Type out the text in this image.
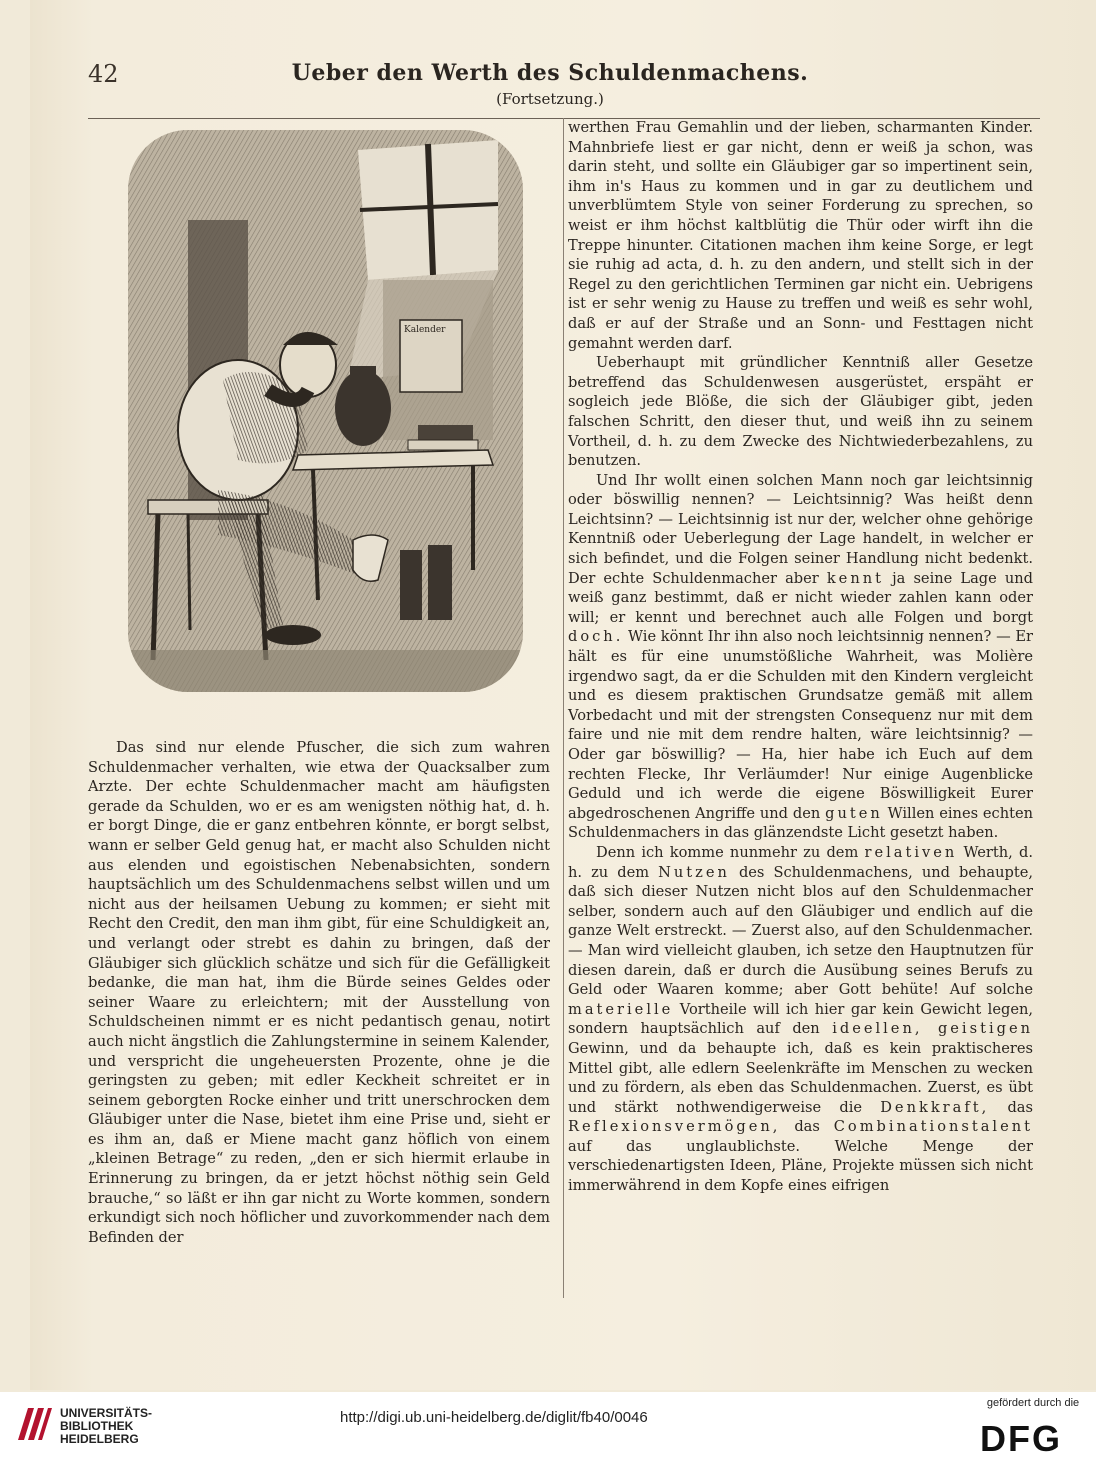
42	Ueber den Werth des Schuldenmachens.
(Fortsetzung.)
Kalender

Das sind nur elende Pfuscher, die sich zum wahren Schuldenmacher verhalten, wie etwa der Quacksalber zum Arzte. Der echte Schuldenmacher macht am häufigsten gerade da Schulden, wo er es am wenigsten nöthig hat, d. h. er borgt Dinge, die er ganz entbehren könnte, er borgt selbst, wann er selber Geld genug hat, er macht also Schulden nicht aus elenden und egoistischen Nebenabsichten, sondern hauptsächlich um des Schuldenmachens selbst willen und um nicht aus der heilsamen Uebung zu kommen; er sieht mit Recht den Credit, den man ihm gibt, für eine Schuldigkeit an, und verlangt oder strebt es dahin zu bringen, daß der Gläubiger sich glücklich schätze und sich für die Gefälligkeit bedanke, die man hat, ihm die Bürde seines Geldes oder seiner Waare zu erleichtern; mit der Ausstellung von Schuldscheinen nimmt er es nicht pedantisch genau, notirt auch nicht ängstlich die Zahlungstermine in seinem Kalender, und verspricht die ungeheuersten Prozente, ohne je die geringsten zu geben; mit edler Keckheit schreitet er in seinem geborgten Rocke einher und tritt unerschrocken dem Gläubiger unter die Nase, bietet ihm eine Prise und, sieht er es ihm an, daß er Miene macht ganz höflich von einem „kleinen Betrage“ zu reden, „den er sich hiermit erlaube in Erinnerung zu bringen, da er jetzt höchst nöthig sein Geld brauche,“ so läßt er ihn gar nicht zu Worte kommen, sondern erkundigt sich noch höflicher und zuvorkommender nach dem Befinden der

werthen Frau Gemahlin und der lieben, scharmanten Kinder. Mahnbriefe liest er gar nicht, denn er weiß ja schon, was darin steht, und sollte ein Gläubiger gar so impertinent sein, ihm in's Haus zu kommen und in gar zu deutlichem und unverblümtem Style von seiner Forderung zu sprechen, so weist er ihm höchst kaltblütig die Thür oder wirft ihn die Treppe hinunter. Citationen machen ihm keine Sorge, er legt sie ruhig ad acta, d. h. zu den andern, und stellt sich in der Regel zu den gerichtlichen Terminen gar nicht ein. Uebrigens ist er sehr wenig zu Hause zu treffen und weiß es sehr wohl, daß er auf der Straße und an Sonn- und Festtagen nicht gemahnt werden darf.

Ueberhaupt mit gründlicher Kenntniß aller Gesetze betreffend das Schuldenwesen ausgerüstet, erspäht er sogleich jede Blöße, die sich der Gläubiger gibt, jeden falschen Schritt, den dieser thut, und weiß ihn zu seinem Vortheil, d. h. zu dem Zwecke des Nichtwiederbezahlens, zu benutzen.

Und Ihr wollt einen solchen Mann noch gar leichtsinnig oder böswillig nennen? — Leichtsinnig? Was heißt denn Leichtsinn? — Leichtsinnig ist nur der, welcher ohne gehörige Kenntniß oder Ueberlegung der Lage handelt, in welcher er sich befindet, und die Folgen seiner Handlung nicht bedenkt. Der echte Schuldenmacher aber kennt ja seine Lage und weiß ganz bestimmt, daß er nicht wieder zahlen kann oder will; er kennt und berechnet auch alle Folgen und borgt doch. Wie könnt Ihr ihn also noch leichtsinnig nennen? — Er hält es für eine unumstößliche Wahrheit, was Molière irgendwo sagt, da er die Schulden mit den Kindern vergleicht und es diesem praktischen Grundsatze gemäß mit allem Vorbedacht und mit der strengsten Consequenz nur mit dem faire und nie mit dem rendre halten, wäre leichtsinnig? — Oder gar böswillig? — Ha, hier habe ich Euch auf dem rechten Flecke, Ihr Verläumder! Nur einige Augenblicke Geduld und ich werde die eigene Böswilligkeit Eurer abgedroschenen Angriffe und den guten Willen eines echten Schuldenmachers in das glänzendste Licht gesetzt haben.

Denn ich komme nunmehr zu dem relativen Werth, d. h. zu dem Nutzen des Schuldenmachens, und behaupte, daß sich dieser Nutzen nicht blos auf den Schuldenmacher selber, sondern auch auf den Gläubiger und endlich auf die ganze Welt erstreckt. — Zuerst also, auf den Schuldenmacher. — Man wird vielleicht glauben, ich setze den Hauptnutzen für diesen darein, daß er durch die Ausübung seines Berufs zu Geld oder Waaren komme; aber Gott behüte! Auf solche materielle Vortheile will ich hier gar kein Gewicht legen, sondern hauptsächlich auf den ideellen, geistigen Gewinn, und da behaupte ich, daß es kein praktischeres Mittel gibt, alle edlern Seelenkräfte im Menschen zu wecken und zu fördern, als eben das Schuldenmachen. Zuerst, es übt und stärkt nothwendigerweise die Denkkraft, das Reflexionsvermögen, das Combinationstalent auf das unglaublichste. Welche Menge der verschiedenartigsten Ideen, Pläne, Projekte müssen sich nicht immerwährend in dem Kopfe eines eifrigen

UNIVERSITÄTS-
BIBLIOTHEK
HEIDELBERG
http://digi.ub.uni-heidelberg.de/diglit/fb40/0046
gefördert durch die
DFG
